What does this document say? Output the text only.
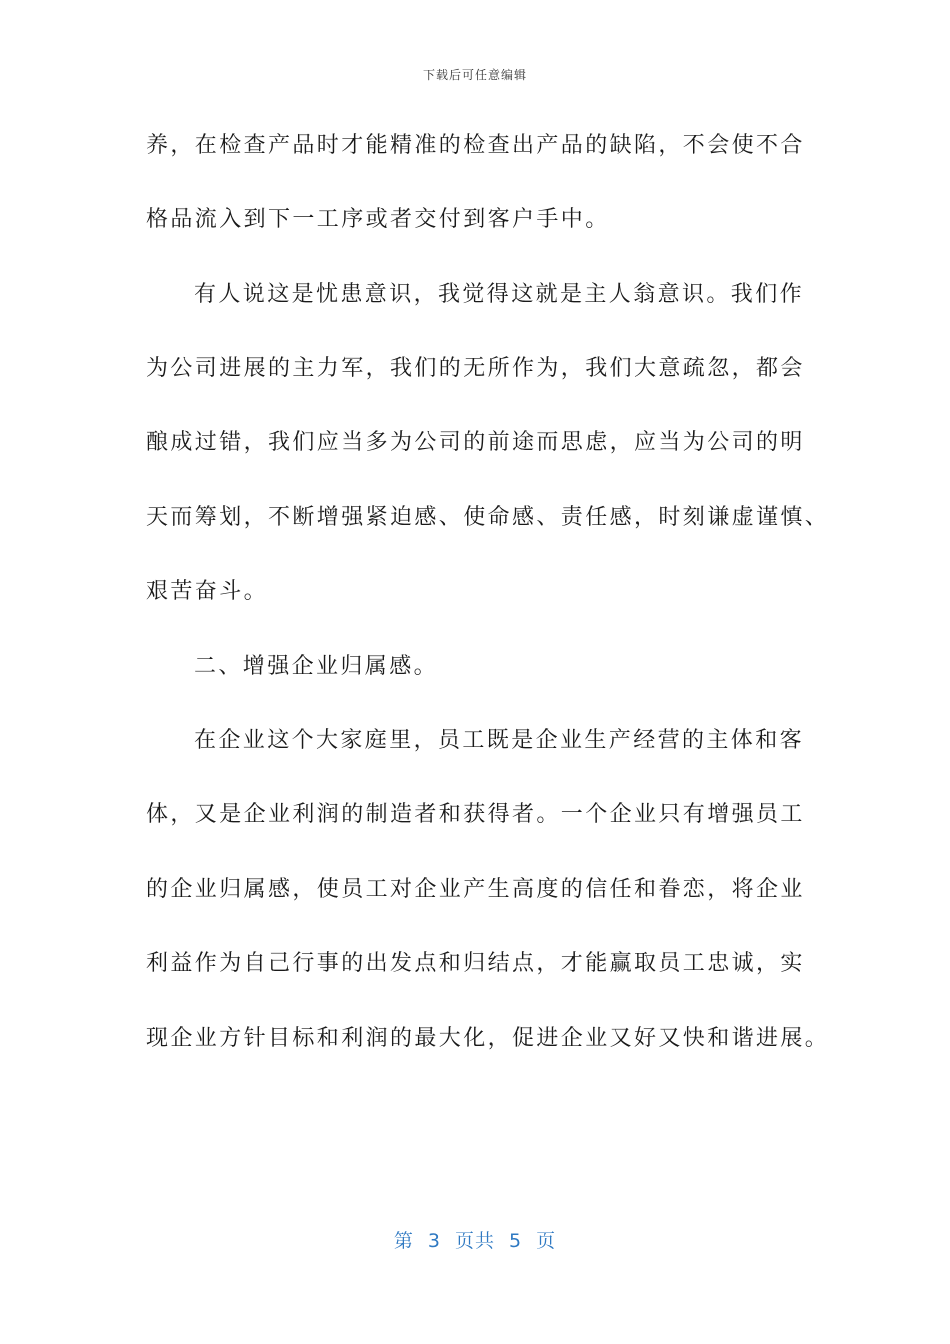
下载后可任意编辑
养，在检查产品时才能精准的检查出产品的缺陷，不会使不合
格品流入到下一工序或者交付到客户手中。
有人说这是忧患意识，我觉得这就是主人翁意识。我们作
为公司进展的主力军，我们的无所作为，我们大意疏忽，都会
酿成过错，我们应当多为公司的前途而思虑，应当为公司的明
天而筹划，不断增强紧迫感、使命感、责任感，时刻谦虚谨慎、
艰苦奋斗。
二、增强企业归属感。
在企业这个大家庭里，员工既是企业生产经营的主体和客
体，又是企业利润的制造者和获得者。一个企业只有增强员工
的企业归属感，使员工对企业产生高度的信任和眷恋，将企业
利益作为自己行事的出发点和归结点，才能赢取员工忠诚，实
现企业方针目标和利润的最大化，促进企业又好又快和谐进展。
第 3 页共 5 页
